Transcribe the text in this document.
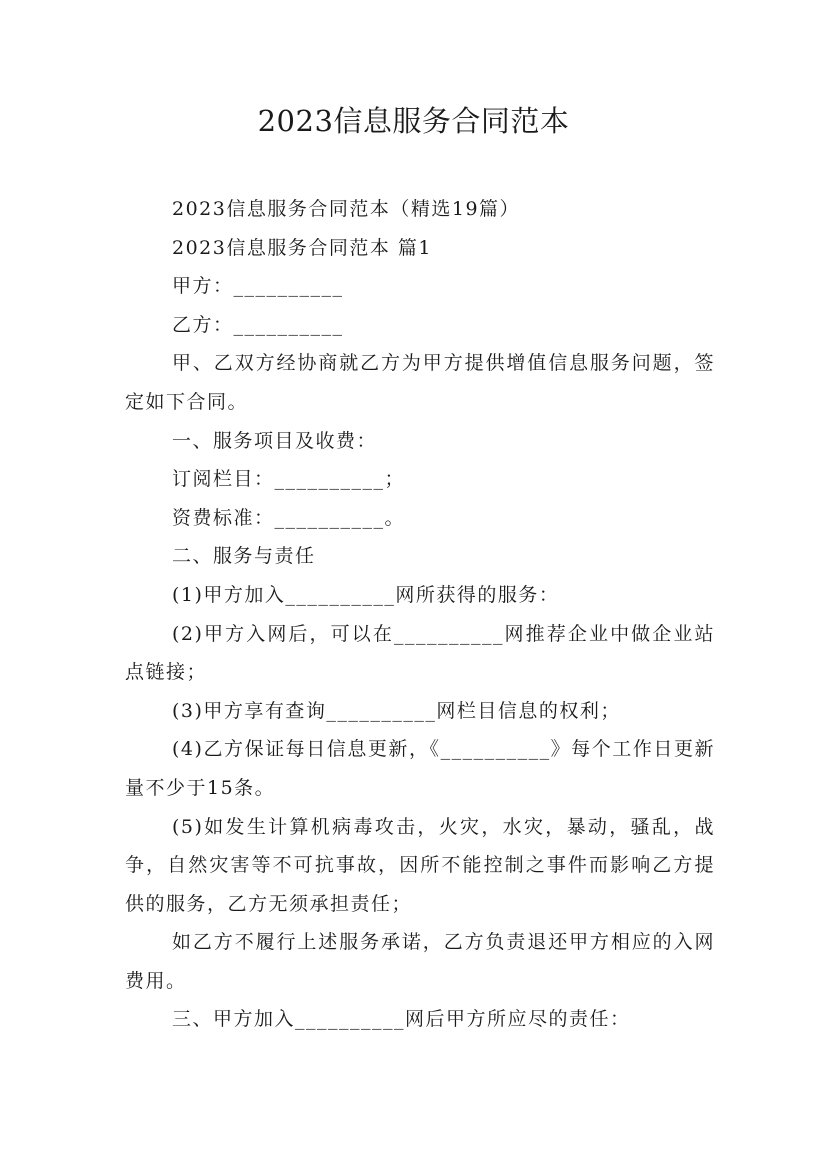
2023信息服务合同范本

2023信息服务合同范本（精选19篇）

2023信息服务合同范本 篇1

甲方：__________

乙方：__________

甲、乙双方经协商就乙方为甲方提供增值信息服务问题，签定如下合同。

一、服务项目及收费：

订阅栏目：__________；

资费标准：__________。

二、服务与责任

(1)甲方加入__________网所获得的服务：

(2)甲方入网后，可以在__________网推荐企业中做企业站点链接；

(3)甲方享有查询__________网栏目信息的权利；

(4)乙方保证每日信息更新，《__________》每个工作日更新量不少于15条。

(5)如发生计算机病毒攻击，火灾，水灾，暴动，骚乱，战争，自然灾害等不可抗事故，因所不能控制之事件而影响乙方提供的服务，乙方无须承担责任；

如乙方不履行上述服务承诺，乙方负责退还甲方相应的入网费用。

三、甲方加入__________网后甲方所应尽的责任：
